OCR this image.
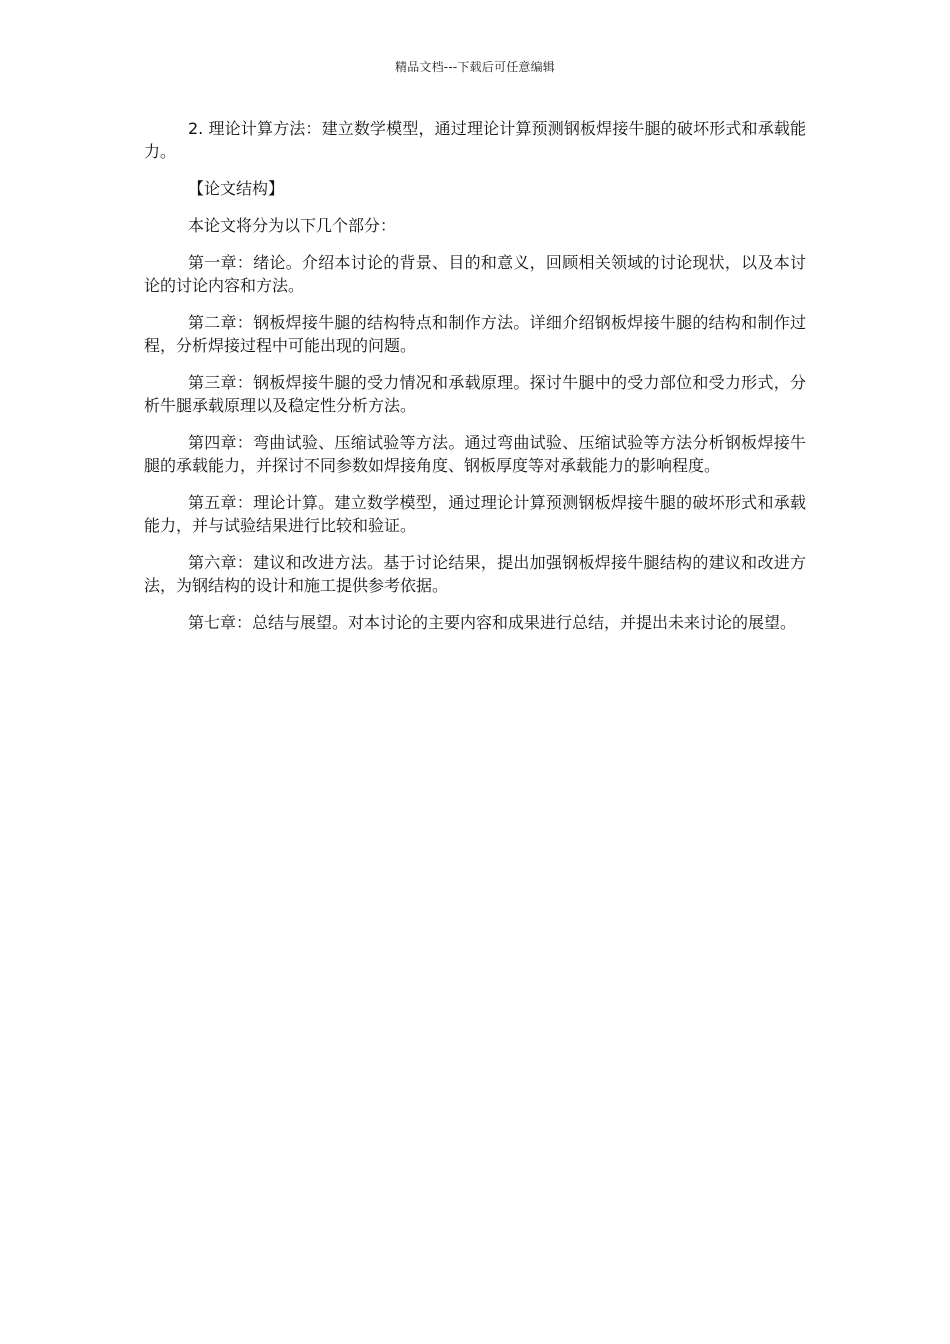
精品文档---下载后可任意编辑

2. 理论计算方法：建立数学模型，通过理论计算预测钢板焊接牛腿的破坏形式和承载能力。

【论文结构】

本论文将分为以下几个部分：

第一章：绪论。介绍本讨论的背景、目的和意义，回顾相关领域的讨论现状，以及本讨论的讨论内容和方法。

第二章：钢板焊接牛腿的结构特点和制作方法。详细介绍钢板焊接牛腿的结构和制作过程，分析焊接过程中可能出现的问题。

第三章：钢板焊接牛腿的受力情况和承载原理。探讨牛腿中的受力部位和受力形式，分析牛腿承载原理以及稳定性分析方法。

第四章：弯曲试验、压缩试验等方法。通过弯曲试验、压缩试验等方法分析钢板焊接牛腿的承载能力，并探讨不同参数如焊接角度、钢板厚度等对承载能力的影响程度。

第五章：理论计算。建立数学模型，通过理论计算预测钢板焊接牛腿的破坏形式和承载能力，并与试验结果进行比较和验证。

第六章：建议和改进方法。基于讨论结果，提出加强钢板焊接牛腿结构的建议和改进方法，为钢结构的设计和施工提供参考依据。

第七章：总结与展望。对本讨论的主要内容和成果进行总结，并提出未来讨论的展望。
